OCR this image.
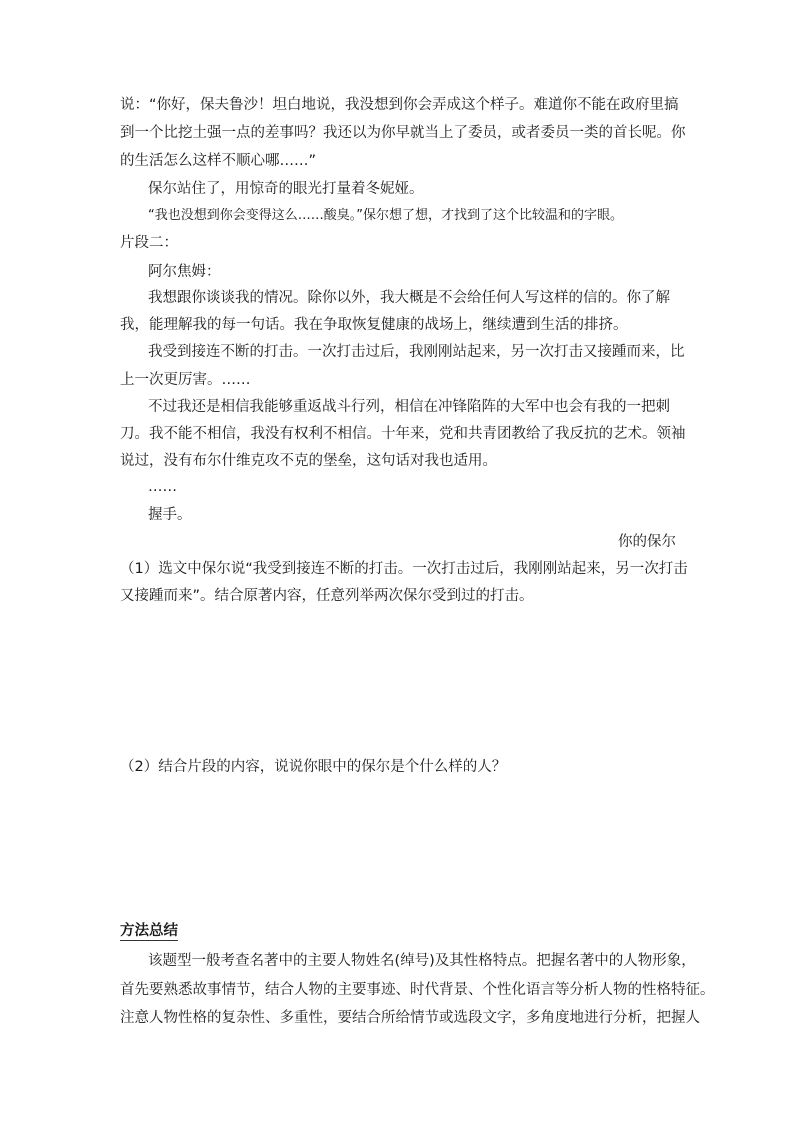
说：“你好，保夫鲁沙！坦白地说，我没想到你会弄成这个样子。难道你不能在政府里搞
到一个比挖土强一点的差事吗？我还以为你早就当上了委员，或者委员一类的首长呢。你
的生活怎么这样不顺心哪……”
保尔站住了，用惊奇的眼光打量着冬妮娅。
“我也没想到你会变得这么……酸臭。”保尔想了想，才找到了这个比较温和的字眼。
片段二：
阿尔焦姆：
我想跟你谈谈我的情况。除你以外，我大概是不会给任何人写这样的信的。你了解
我，能理解我的每一句话。我在争取恢复健康的战场上，继续遭到生活的排挤。
我受到接连不断的打击。一次打击过后，我刚刚站起来，另一次打击又接踵而来，比
上一次更厉害。……
不过我还是相信我能够重返战斗行列，相信在冲锋陷阵的大军中也会有我的一把刺
刀。我不能不相信，我没有权利不相信。十年来，党和共青团教给了我反抗的艺术。领袖
说过，没有布尔什维克攻不克的堡垒，这句话对我也适用。
……
握手。
你的保尔
（1）选文中保尔说“我受到接连不断的打击。一次打击过后，我刚刚站起来，另一次打击
又接踵而来”。结合原著内容，任意列举两次保尔受到过的打击。
（2）结合片段的内容，说说你眼中的保尔是个什么样的人？
方法总结
该题型一般考查名著中的主要人物姓名(绰号)及其性格特点。把握名著中的人物形象，
首先要熟悉故事情节，结合人物的主要事迹、时代背景、个性化语言等分析人物的性格特征。
注意人物性格的复杂性、多重性，要结合所给情节或选段文字，多角度地进行分析，把握人
